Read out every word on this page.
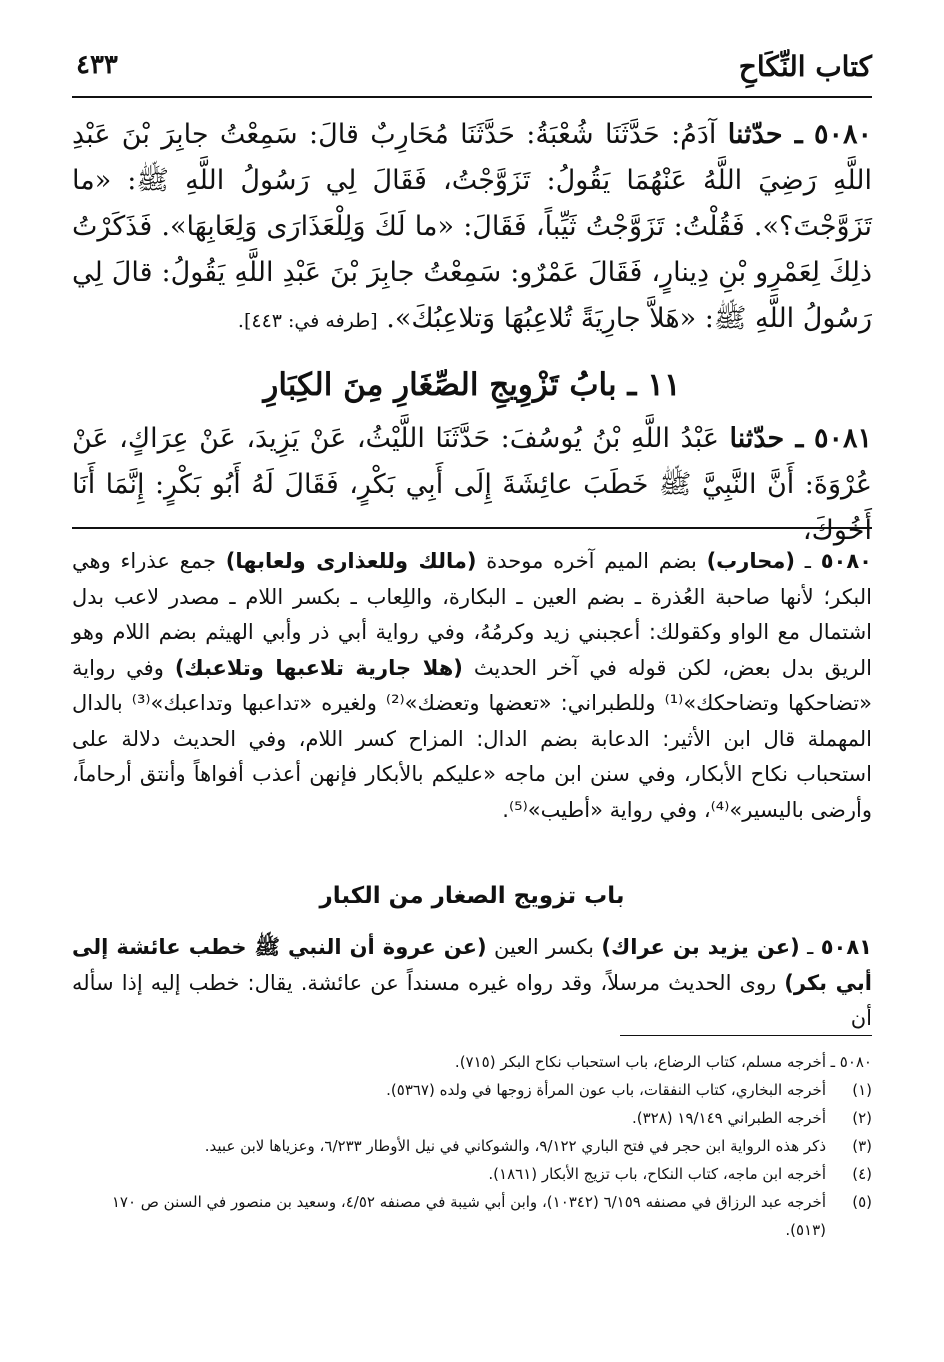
كتاب النِّكَاحِ
٤٣٣

٥٠٨٠ ـ حدّثنا آدَمُ: حَدَّثَنَا شُعْبَةُ: حَدَّثَنَا مُحَارِبٌ قالَ: سَمِعْتُ جابِرَ بْنَ عَبْدِ اللَّهِ رَضِيَ اللَّهُ عَنْهُمَا يَقُولُ: تَزَوَّجْتُ، فَقَالَ لِي رَسُولُ اللَّهِ ﷺ: «ما تَزَوَّجْتَ؟». فَقُلْتُ: تَزَوَّجْتُ ثَيِّباً، فَقَالَ: «ما لَكَ وَلِلْعَذَارَى وَلِعَابِهَا». فَذَكَرْتُ ذلِكَ لِعَمْرِو بْنِ دِينارٍ، فَقَالَ عَمْرٌو: سَمِعْتُ جابِرَ بْنَ عَبْدِ اللَّهِ يَقُولُ: قالَ لِي رَسُولُ اللَّهِ ﷺ: «هَلاَّ جارِيَةً تُلاعِبُهَا وَتلاعِبُكَ». [طرفه في: ٤٤٣].

١١ ـ بابُ تَزْوِيجِ الصِّغَارِ مِنَ الكِبَارِ

٥٠٨١ ـ حدّثنا عَبْدُ اللَّهِ بْنُ يُوسُفَ: حَدَّثَنَا اللَّيْثُ، عَنْ يَزِيدَ، عَنْ عِرَاكٍ، عَنْ عُرْوَةَ: أَنَّ النَّبِيَّ ﷺ خَطَبَ عائِشَةَ إِلَى أَبِي بَكْرٍ، فَقَالَ لَهُ أَبُو بَكْرٍ: إِنَّمَا أَنَا أَخُوكَ،

٥٠٨٠ ـ (محارب) بضم الميم آخره موحدة (مالك وللعذارى ولعابها) جمع عذراء وهي البكر؛ لأنها صاحبة العُذرة ـ بضم العين ـ البكارة، واللِعاب ـ بكسر اللام ـ مصدر لاعب بدل اشتمال مع الواو وكقولك: أعجبني زيد وكرمُهُ، وفي رواية أبي ذر وأبي الهيثم بضم اللام وهو الريق بدل بعض، لكن قوله في آخر الحديث (هلا جارية تلاعبها وتلاعبك) وفي رواية «تضاحكها وتضاحكك»⁽¹⁾ وللطبراني: «تعضها وتعضك»⁽²⁾ ولغيره «تداعبها وتداعبك»⁽³⁾ بالدال المهملة قال ابن الأثير: الدعابة بضم الدال: المزاح كسر اللام، وفي الحديث دلالة على استحباب نكاح الأبكار، وفي سنن ابن ماجه «عليكم بالأبكار فإنهن أعذب أفواهاً وأنتق أرحاماً، وأرضى باليسير»⁽⁴⁾، وفي رواية «أطيب»⁽⁵⁾.

باب تزويج الصغار من الكبار

٥٠٨١ ـ (عن يزيد بن عراك) بكسر العين (عن عروة أن النبي ﷺ خطب عائشة إلى أبي بكر) روى الحديث مرسلاً، وقد رواه غيره مسنداً عن عائشة. يقال: خطب إليه إذا سأله أن

٥٠٨٠ ـ
أخرجه مسلم، كتاب الرضاع، باب استحباب نكاح البكر (٧١٥).
(١)
أخرجه البخاري، كتاب النفقات، باب عون المرأة زوجها في ولده (٥٣٦٧).
(٢)
أخرجه الطبراني ١٩/١٤٩ (٣٢٨).
(٣)
ذكر هذه الرواية ابن حجر في فتح الباري ٩/١٢٢، والشوكاني في نيل الأوطار ٦/٢٣٣، وعزياها لابن عبيد.
(٤)
أخرجه ابن ماجه، كتاب النكاح، باب تزيج الأبكار (١٨٦١).
(٥)
أخرجه عبد الرزاق في مصنفه ٦/١٥٩ (١٠٣٤٢)، وابن أبي شيبة في مصنفه ٤/٥٢، وسعيد بن منصور في السنن ص ١٧٠ (٥١٣).
